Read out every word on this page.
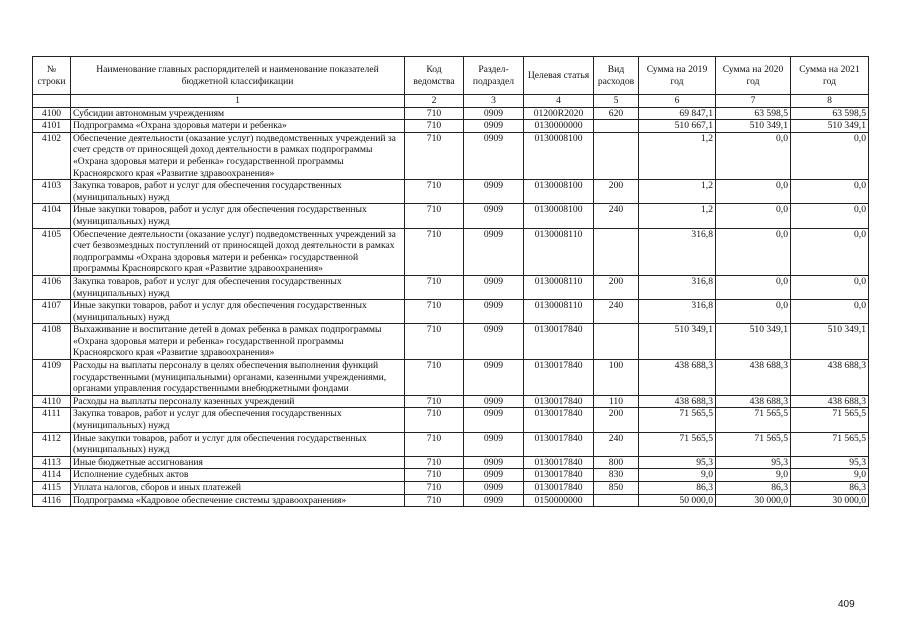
№ строки	Наименование главных распорядителей и наименование показателей бюджетной классификации	Код ведомства	Раздел-подраздел	Целевая статья	Вид расходов	Сумма на 2019 год	Сумма на 2020 год	Сумма на 2021 год
	1	2	3	4	5	6	7	8
4100	Субсидии автономным учреждениям	710	0909	01200R2020	620	69 847,1	63 598,5	63 598,5
4101	Подпрограмма «Охрана здоровья матери и ребенка»	710	0909	0130000000		510 667,1	510 349,1	510 349,1
4102	Обеспечение деятельности (оказание услуг) подведомственных учреждений за счет средств от приносящей доход деятельности в рамках подпрограммы «Охрана здоровья матери и ребенка» государственной программы Красноярского края «Развитие здравоохранения»	710	0909	0130008100		1,2	0,0	0,0
4103	Закупка товаров, работ и услуг для обеспечения государственных (муниципальных) нужд	710	0909	0130008100	200	1,2	0,0	0,0
4104	Иные закупки товаров, работ и услуг для обеспечения государственных (муниципальных) нужд	710	0909	0130008100	240	1,2	0,0	0,0
4105	Обеспечение деятельности (оказание услуг) подведомственных учреждений за счет безвозмездных поступлений от приносящей доход деятельности в рамках подпрограммы «Охрана здоровья матери и ребенка» государственной программы Красноярского края «Развитие здравоохранения»	710	0909	0130008110		316,8	0,0	0,0
4106	Закупка товаров, работ и услуг для обеспечения государственных (муниципальных) нужд	710	0909	0130008110	200	316,8	0,0	0,0
4107	Иные закупки товаров, работ и услуг для обеспечения государственных (муниципальных) нужд	710	0909	0130008110	240	316,8	0,0	0,0
4108	Выхаживание и воспитание детей в домах ребенка в рамках подпрограммы «Охрана здоровья матери и ребенка» государственной программы Красноярского края «Развитие здравоохранения»	710	0909	0130017840		510 349,1	510 349,1	510 349,1
4109	Расходы на выплаты персоналу в целях обеспечения выполнения функций государственными (муниципальными) органами, казенными учреждениями, органами управления государственными внебюджетными фондами	710	0909	0130017840	100	438 688,3	438 688,3	438 688,3
4110	Расходы на выплаты персоналу казенных учреждений	710	0909	0130017840	110	438 688,3	438 688,3	438 688,3
4111	Закупка товаров, работ и услуг для обеспечения государственных (муниципальных) нужд	710	0909	0130017840	200	71 565,5	71 565,5	71 565,5
4112	Иные закупки товаров, работ и услуг для обеспечения государственных (муниципальных) нужд	710	0909	0130017840	240	71 565,5	71 565,5	71 565,5
4113	Иные бюджетные ассигнования	710	0909	0130017840	800	95,3	95,3	95,3
4114	Исполнение судебных актов	710	0909	0130017840	830	9,0	9,0	9,0
4115	Уплата налогов, сборов и иных платежей	710	0909	0130017840	850	86,3	86,3	86,3
4116	Подпрограмма «Кадровое обеспечение системы здравоохранения»	710	0909	0150000000		50 000,0	30 000,0	30 000,0
409
